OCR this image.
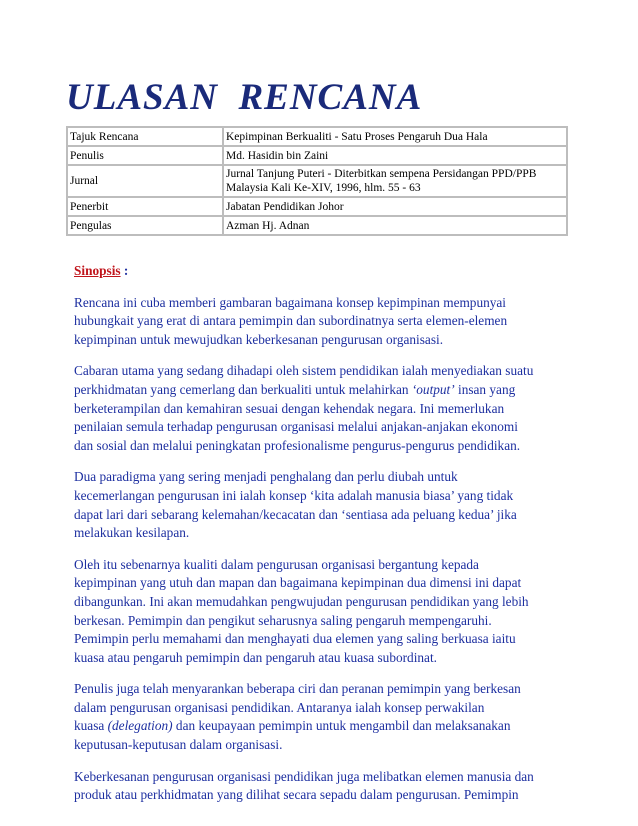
ULASAN  RENCANA
Tajuk Rencana	Kepimpinan Berkualiti - Satu Proses Pengaruh Dua Hala
Penulis	Md. Hasidin bin Zaini
Jurnal	Jurnal Tanjung Puteri - Diterbitkan sempena Persidangan PPD/PPB
Malaysia Kali Ke-XIV, 1996, hlm. 55 - 63
Penerbit	Jabatan Pendidikan Johor
Pengulas	Azman Hj. Adnan

Sinopsis :

Rencana ini cuba memberi gambaran bagaimana konsep kepimpinan mempunyai
hubungkait yang erat di antara pemimpin dan subordinatnya serta elemen-elemen
kepimpinan untuk mewujudkan keberkesanan pengurusan organisasi.

Cabaran utama yang sedang dihadapi oleh sistem pendidikan ialah menyediakan suatu
perkhidmatan yang cemerlang dan berkualiti untuk melahirkan ‘output’ insan yang
berketerampilan dan kemahiran sesuai dengan kehendak negara. Ini memerlukan
penilaian semula terhadap pengurusan organisasi melalui anjakan-anjakan ekonomi
dan sosial dan melalui peningkatan profesionalisme pengurus-pengurus pendidikan.

Dua paradigma yang sering menjadi penghalang dan perlu diubah untuk
kecemerlangan pengurusan ini ialah konsep ‘kita adalah manusia biasa’ yang tidak
dapat lari dari sebarang kelemahan/kecacatan dan ‘sentiasa ada peluang kedua’ jika
melakukan kesilapan.

Oleh itu sebenarnya kualiti dalam pengurusan organisasi bergantung kepada
kepimpinan yang utuh dan mapan dan bagaimana kepimpinan dua dimensi ini dapat
dibangunkan. Ini akan memudahkan pengwujudan pengurusan pendidikan yang lebih
berkesan. Pemimpin dan pengikut seharusnya saling pengaruh mempengaruhi.
Pemimpin perlu memahami dan menghayati dua elemen yang saling berkuasa iaitu
kuasa atau pengaruh pemimpin dan pengaruh atau kuasa subordinat.

Penulis juga telah menyarankan beberapa ciri dan peranan pemimpin yang berkesan
dalam pengurusan organisasi pendidikan. Antaranya ialah konsep perwakilan
kuasa (delegation) dan keupayaan pemimpin untuk mengambil dan melaksanakan
keputusan-keputusan dalam organisasi.

Keberkesanan pengurusan organisasi pendidikan juga melibatkan elemen manusia dan
produk atau perkhidmatan yang dilihat secara sepadu dalam pengurusan. Pemimpin
